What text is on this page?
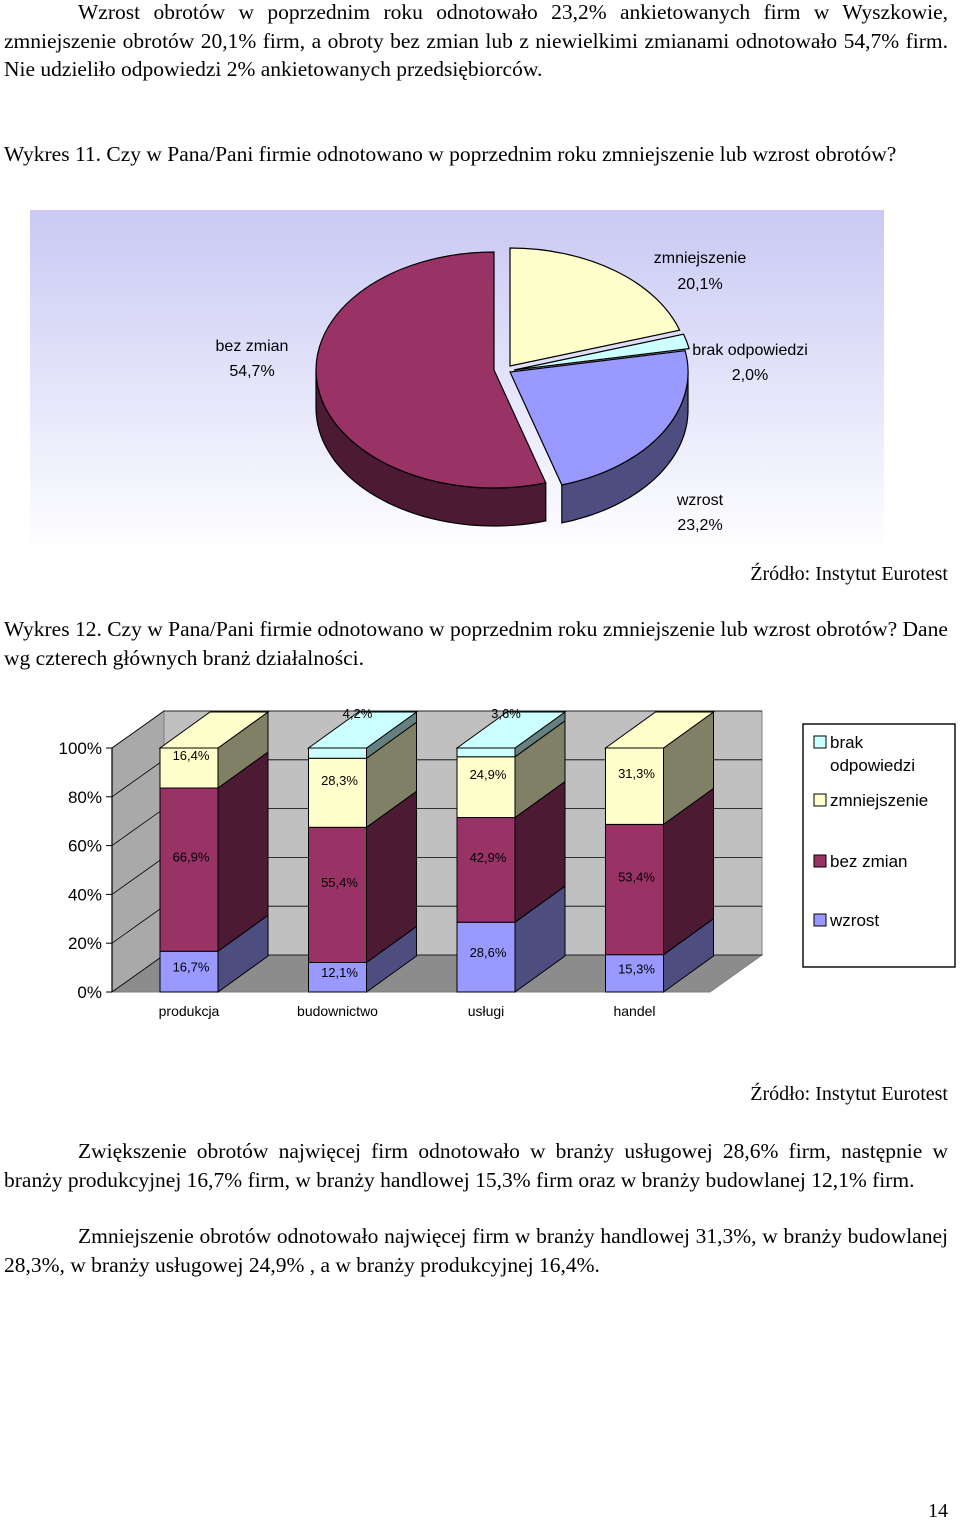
Wzrost obrotów w poprzednim roku odnotowało 23,2% ankietowanych firm w Wyszkowie, zmniejszenie obrotów 20,1% firm, a obroty bez zmian lub z niewielkimi zmianami odnotowało 54,7% firm. Nie udzieliło odpowiedzi 2% ankietowanych przedsiębiorców.
Wykres 11. Czy w Pana/Pani firmie odnotowano w poprzednim roku zmniejszenie lub wzrost obrotów?
zmniejszenie
20,1%
brak odpowiedzi
2,0%
wzrost
23,2%
bez zmian
54,7%
Źródło: Instytut Eurotest
Wykres 12. Czy w Pana/Pani firmie odnotowano w poprzednim roku zmniejszenie lub wzrost obrotów? Dane wg czterech głównych branż działalności.
0%
20%
40%
60%
80%
100%
produkcja	budownictwo	usługi	handel
16,7%
66,9%
16,4%
12,1%
55,4%
28,3%
4,2%
28,6%
42,9%
24,9%
3,6%
15,3%
53,4%
31,3%
brak
odpowiedzi
zmniejszenie
bez zmian
wzrost
Źródło: Instytut Eurotest
Zwiększenie obrotów najwięcej firm odnotowało w branży usługowej 28,6% firm, następnie w branży produkcyjnej 16,7% firm, w branży handlowej 15,3% firm oraz w branży budowlanej 12,1% firm.
Zmniejszenie obrotów odnotowało najwięcej firm w branży handlowej 31,3%, w branży budowlanej 28,3%, w branży usługowej 24,9% , a w branży produkcyjnej 16,4%.
14
